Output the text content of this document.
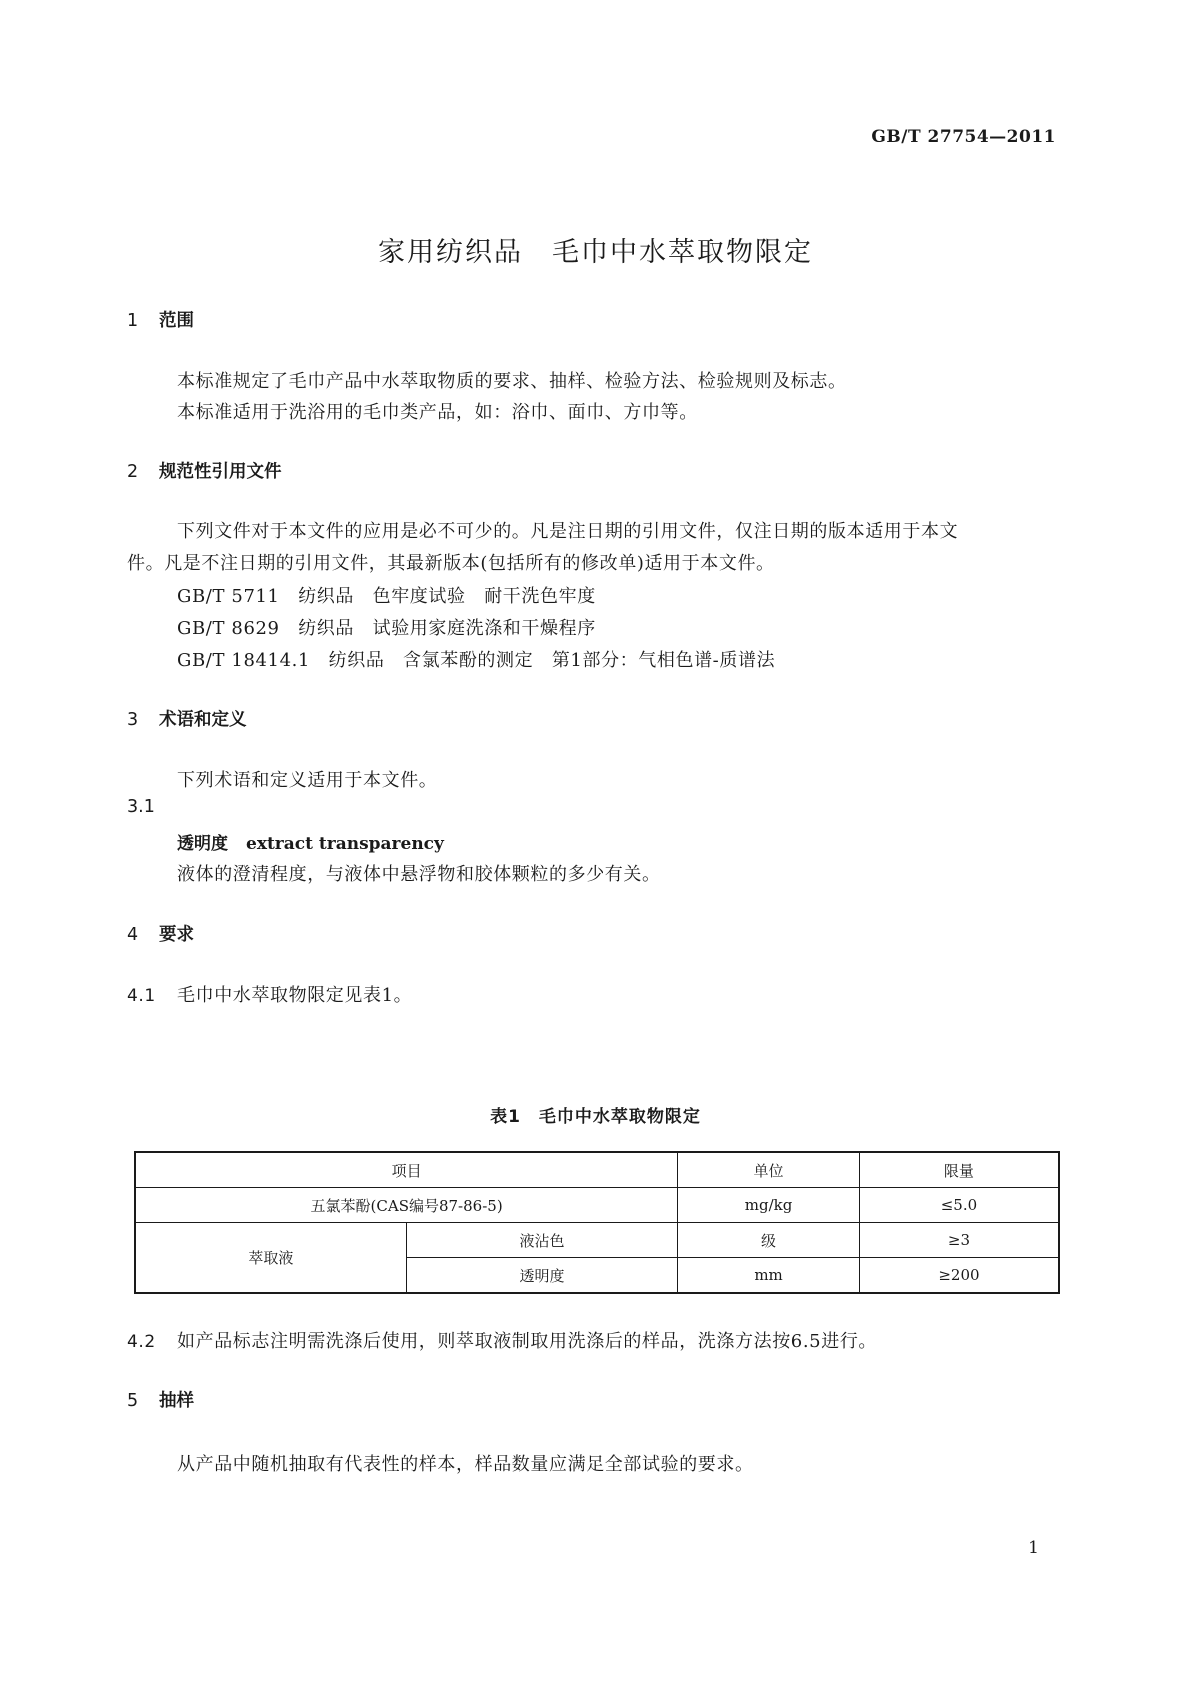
GB/T 27754—2011
家用纺织品　毛巾中水萃取物限定
1 范围
本标准规定了毛巾产品中水萃取物质的要求、抽样、检验方法、检验规则及标志。
本标准适用于洗浴用的毛巾类产品，如：浴巾、面巾、方巾等。
2 规范性引用文件
下列文件对于本文件的应用是必不可少的。凡是注日期的引用文件，仅注日期的版本适用于本文
件。凡是不注日期的引用文件，其最新版本(包括所有的修改单)适用于本文件。
GB/T 5711　纺织品　色牢度试验　耐干洗色牢度
GB/T 8629　纺织品　试验用家庭洗涤和干燥程序
GB/T 18414.1　纺织品　含氯苯酚的测定　第1部分：气相色谱-质谱法
3 术语和定义
下列术语和定义适用于本文件。
3.1
透明度 extract transparency
液体的澄清程度，与液体中悬浮物和胶体颗粒的多少有关。
4 要求
4.1 毛巾中水萃取物限定见表1。
表1　毛巾中水萃取物限定
项目		单位	限量
五氯苯酚(CAS编号87-86-5)		mg/kg	≤5.0
萃取液	液沾色	级	≥3
	透明度	mm	≥200
4.2 如产品标志注明需洗涤后使用，则萃取液制取用洗涤后的样品，洗涤方法按6.5进行。
5 抽样
从产品中随机抽取有代表性的样本，样品数量应满足全部试验的要求。
1
